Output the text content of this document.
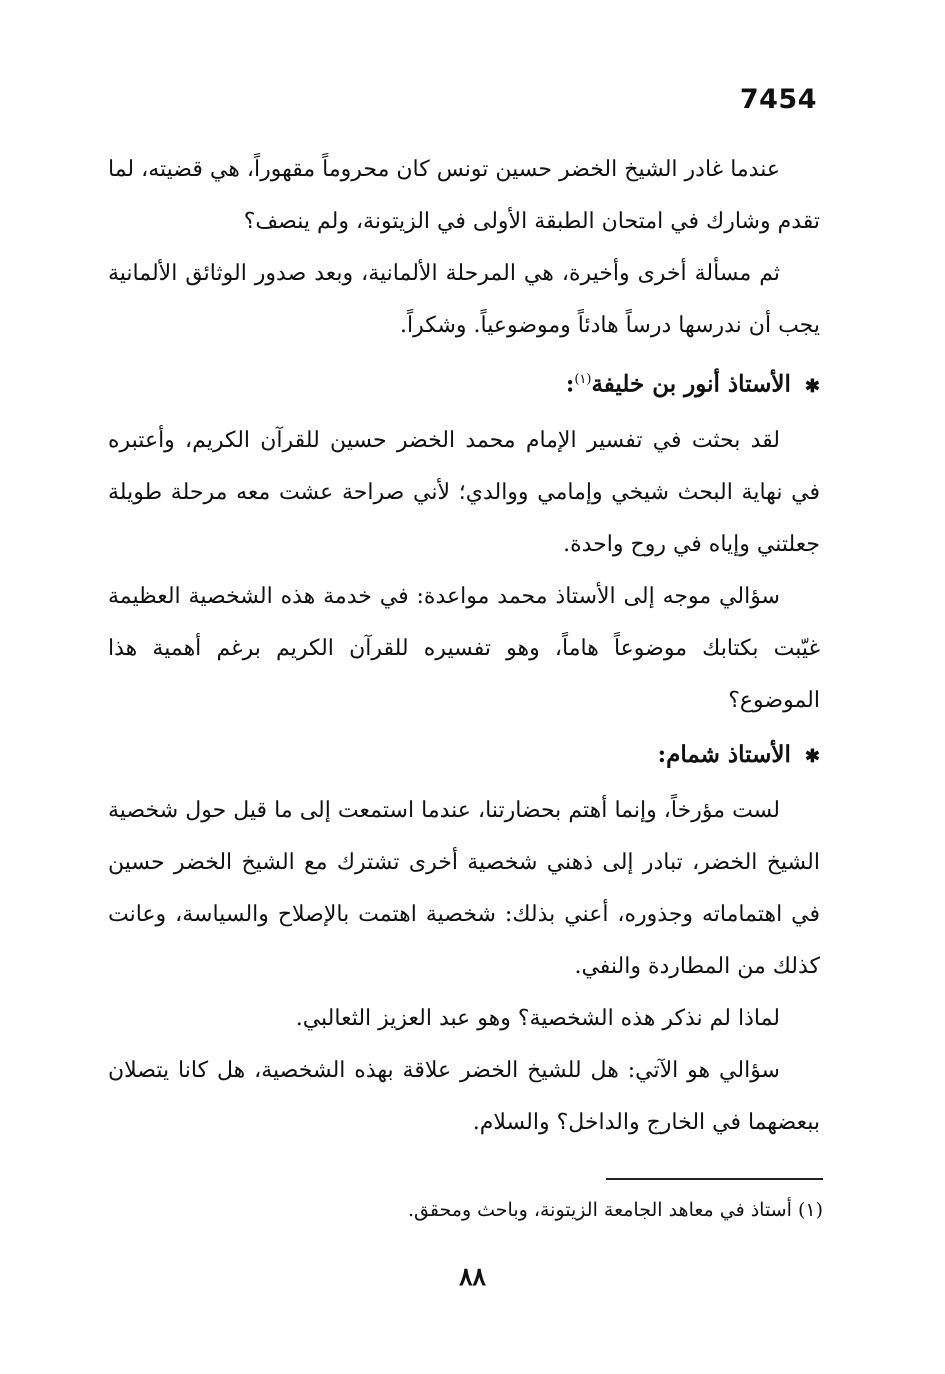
7454

عندما غادر الشيخ الخضر حسين تونس كان محروماً مقهوراً، هي قضيته، لما تقدم وشارك في امتحان الطبقة الأولى في الزيتونة، ولم ينصف؟

ثم مسألة أخرى وأخيرة، هي المرحلة الألمانية، وبعد صدور الوثائق الألمانية يجب أن ندرسها درساً هادئاً وموضوعياً. وشكراً.

✱ الأستاذ أنور بن خليفة$^{(١)}$:

لقد بحثت في تفسير الإمام محمد الخضر حسين للقرآن الكريم، وأعتبره في نهاية البحث شيخي وإمامي ووالدي؛ لأني صراحة عشت معه مرحلة طويلة جعلتني وإياه في روح واحدة.

سؤالي موجه إلى الأستاذ محمد مواعدة: في خدمة هذه الشخصية العظيمة غيّبت بكتابك موضوعاً هاماً، وهو تفسيره للقرآن الكريم برغم أهمية هذا الموضوع؟

✱ الأستاذ شمام:

لست مؤرخاً، وإنما أهتم بحضارتنا، عندما استمعت إلى ما قيل حول شخصية الشيخ الخضر، تبادر إلى ذهني شخصية أخرى تشترك مع الشيخ الخضر حسين في اهتماماته وجذوره، أعني بذلك: شخصية اهتمت بالإصلاح والسياسة، وعانت كذلك من المطاردة والنفي.

لماذا لم نذكر هذه الشخصية؟ وهو عبد العزيز الثعالبي.

سؤالي هو الآتي: هل للشيخ الخضر علاقة بهذه الشخصية، هل كانا يتصلان ببعضهما في الخارج والداخل؟ والسلام.

(١) أستاذ في معاهد الجامعة الزيتونة، وباحث ومحقق.
٨٨
